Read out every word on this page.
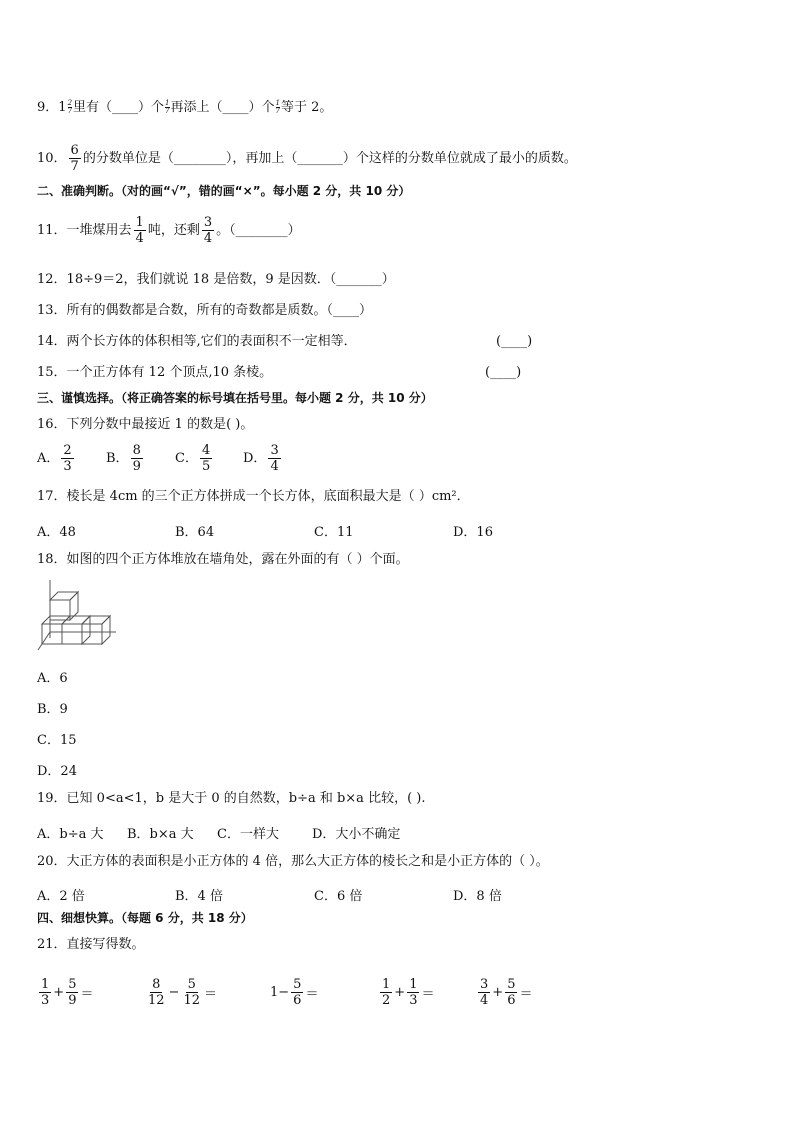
9．$1 \frac{2}{7}$ 里有（____）个 $\frac{1}{7}$ 再添上（____）个 $\frac{1}{7}$ 等于 2。
10． $\frac{6}{7}$ 的分数单位是（________），再加上（_______）个这样的分数单位就成了最小的质数。
二、准确判断。（对的画“√”，错的画“×”。每小题 2 分，共 10 分）
11．一堆煤用去 $\frac{1}{4}$ 吨，还剩 $\frac{3}{4}$ 。（________）
12．18÷9＝2，我们就说 18 是倍数，9 是因数．（_______）
13．所有的偶数都是合数，所有的奇数都是质数。（____）
14．两个长方体的体积相等,它们的表面积不一定相等．	(____)
15．一个正方体有 12 个顶点,10 条棱。	(____)
三、谨慎选择。（将正确答案的标号填在括号里。每小题 2 分，共 10 分）
16．下列分数中最接近 1 的数是( )。
A． $\frac{2}{3}$ B． $\frac{8}{9}$ C． $\frac{4}{5}$ D． $\frac{3}{4}$
17．棱长是 4cm 的三个正方体拼成一个长方体，底面积最大是（ ）cm²．
A．48	B．64	C．11	D．16
18．如图的四个正方体堆放在墙角处，露在外面的有（ ）个面。
A．6
B．9
C．15
D．24
19．已知 0<a<1，b 是大于 0 的自然数，b÷a 和 b×a 比较，( ).
A．b÷a 大 B．b×a 大 C．一样大	D．大小不确定
20．大正方体的表面积是小正方体的 4 倍，那么大正方体的棱长之和是小正方体的（ ）。
A．2 倍	B．4 倍	C．6 倍	D．8 倍
四、细想快算。（每题 6 分，共 18 分）
21．直接写得数。
1
3
+ $\frac{5}{9}$ ＝
8
12
− $\frac{5}{12}$ ＝	$1- \frac{5}{6}$ ＝
1
2
+ $\frac{1}{3}$ ＝
3
4
+ $\frac{5}{6}$ ＝
